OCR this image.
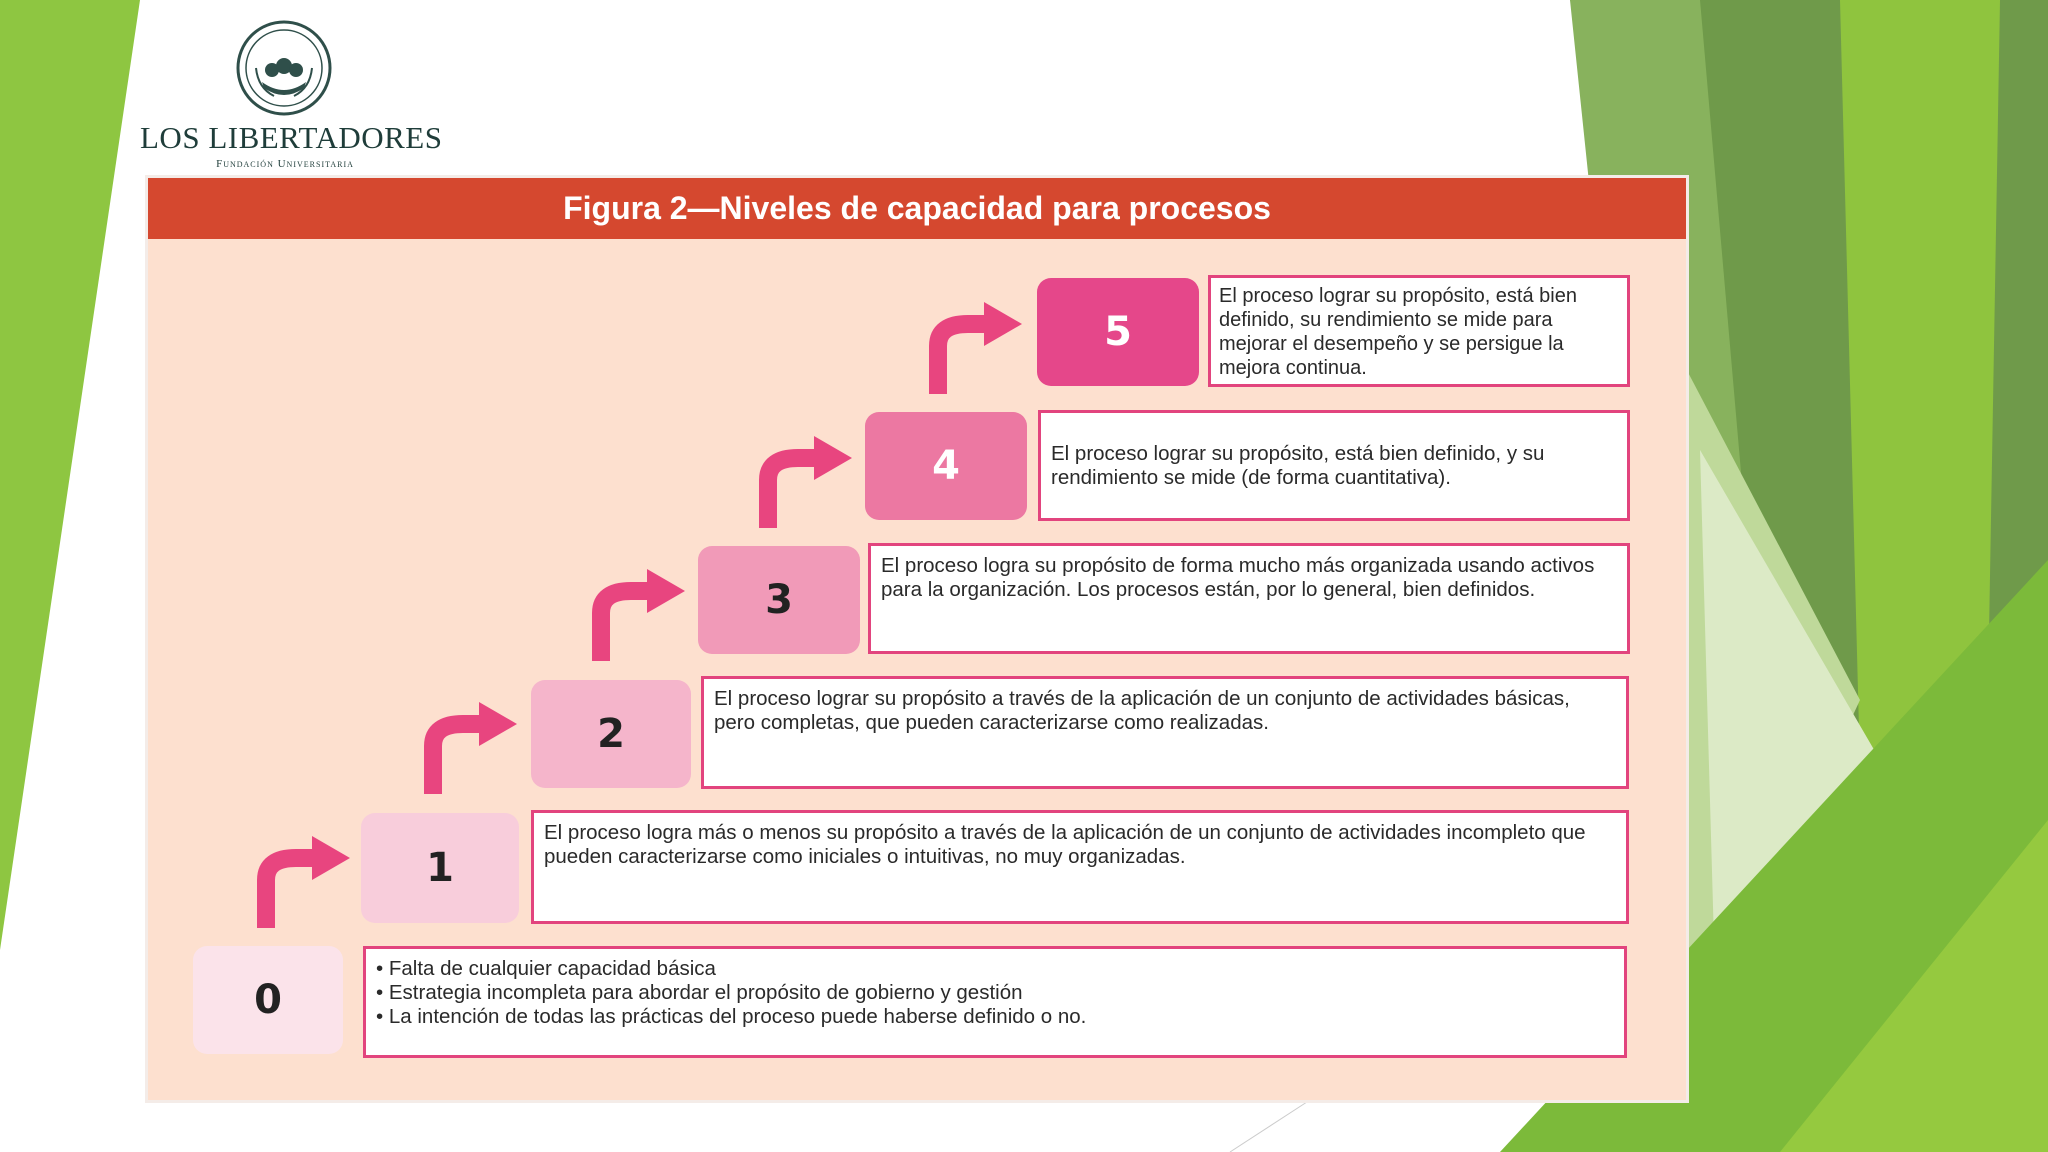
LOS LIBERTADORES
Fundación Universitaria
Figura 2—Niveles de capacidad para procesos
0

• Falta de cualquier capacidad básica

• Estrategia incompleta para abordar el propósito de gobierno y gestión

• La intención de todas las prácticas del proceso puede haberse definido o no.

1

El proceso logra más o menos su propósito a través de la aplicación de un conjunto de actividades incompleto que pueden caracterizarse como iniciales o intuitivas, no muy organizadas.

2

El proceso lograr su propósito a través de la aplicación de un conjunto de actividades básicas, pero completas, que pueden caracterizarse como realizadas.

3

El proceso logra su propósito de forma mucho más organizada usando activos para la organización. Los procesos están, por lo general, bien definidos.

4	El proceso lograr su propósito, está bien definido, y su rendimiento se mide (de forma cuantitativa).

5

El proceso lograr su propósito, está bien definido, su rendimiento se mide para mejorar el desempeño y se persigue la mejora continua.
